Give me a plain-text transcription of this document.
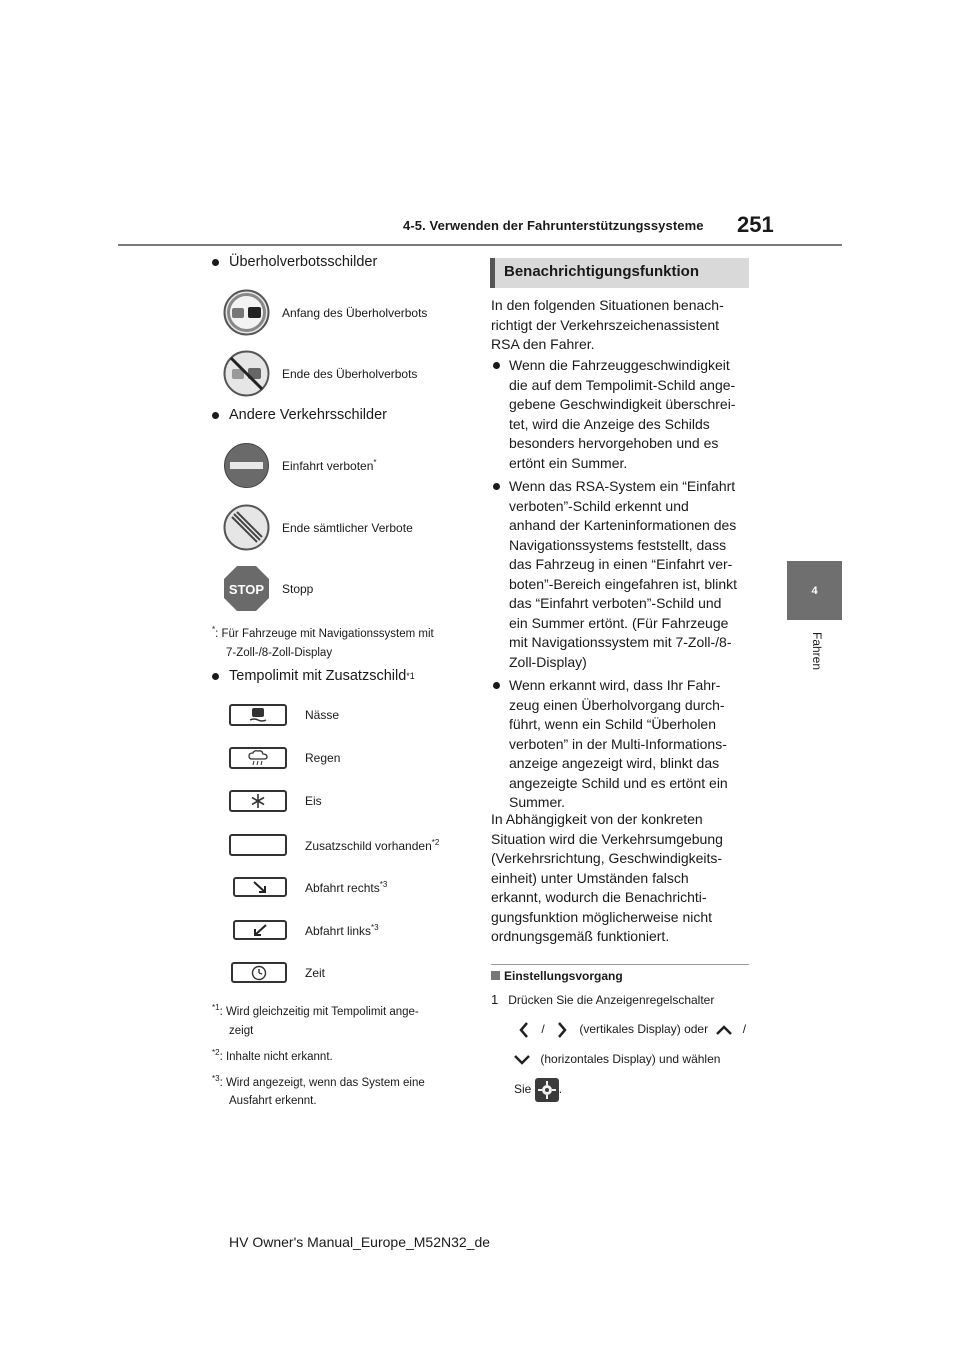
4-5. Verwenden der Fahrunterstützungssysteme 251
4
Fahren
Überholverbotsschilder
Anfang des Überholverbots
Ende des Überholverbots
Andere Verkehrsschilder
Einfahrt verboten*
Ende sämtlicher Verbote
STOP Stopp
*: Für Fahrzeuge mit Navigationssystem mit
7-Zoll-/8-Zoll-Display
Tempolimit mit Zusatzschild *1
Nässe
Regen
Eis
Zusatzschild vorhanden$^{*2}$
Abfahrt rechts$^{*3}$
Abfahrt links$^{*3}$
Zeit
$^{*1}$: Wird gleichzeitig mit Tempolimit ange-
zeigt
$^{*2}$: Inhalte nicht erkannt.
$^{*3}$: Wird angezeigt, wenn das System eine
Ausfahrt erkennt.
Benachrichtigungsfunktion
In den folgenden Situationen benach-
richtigt der Verkehrszeichenassistent
RSA den Fahrer.
Wenn die Fahrzeuggeschwindigkeit
die auf dem Tempolimit-Schild ange-
gebene Geschwindigkeit überschrei-
tet, wird die Anzeige des Schilds
besonders hervorgehoben und es
ertönt ein Summer.
Wenn das RSA-System ein “Einfahrt
verboten”-Schild erkennt und
anhand der Karteninformationen des
Navigationssystems feststellt, dass
das Fahrzeug in einen “Einfahrt ver-
boten”-Bereich eingefahren ist, blinkt
das “Einfahrt verboten”-Schild und
ein Summer ertönt. (Für Fahrzeuge
mit Navigationssystem mit 7-Zoll-/8-
Zoll-Display)
Wenn erkannt wird, dass Ihr Fahr-
zeug einen Überholvorgang durch-
führt, wenn ein Schild “Überholen
verboten” in der Multi-Informations-
anzeige angezeigt wird, blinkt das
angezeigte Schild und es ertönt ein
Summer.
In Abhängigkeit von der konkreten
Situation wird die Verkehrsumgebung
(Verkehrsrichtung, Geschwindigkeits-
einheit) unter Umständen falsch
erkannt, wodurch die Benachrichti-
gungsfunktion möglicherweise nicht
ordnungsgemäß funktioniert.
Einstellungsvorgang
1 Drücken Sie die Anzeigenregelschalter
/	(vertikales Display) oder	/
(horizontales Display) und wählen
Sie .
HV Owner's Manual_Europe_M52N32_de
